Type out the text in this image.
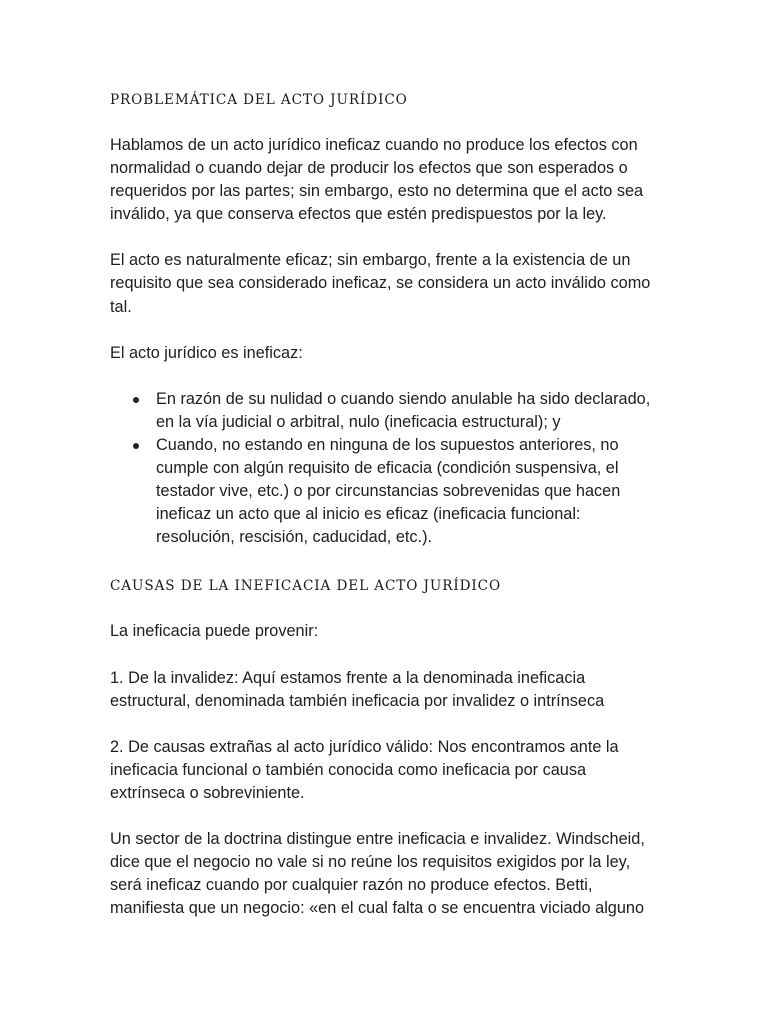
PROBLEMÁTICA DEL ACTO JURÍDICO

Hablamos de un acto jurídico ineficaz cuando no produce los efectos con normalidad o cuando dejar de producir los efectos que son esperados o requeridos por las partes; sin embargo, esto no determina que el acto sea inválido, ya que conserva efectos que estén predispuestos por la ley.

El acto es naturalmente eficaz; sin embargo, frente a la existencia de un requisito que sea considerado ineficaz, se considera un acto inválido como tal.

El acto jurídico es ineficaz:

En razón de su nulidad o cuando siendo anulable ha sido declarado, en la vía judicial o arbitral, nulo (ineficacia estructural); y
Cuando, no estando en ninguna de los supuestos anteriores, no cumple con algún requisito de eficacia (condición suspensiva, el testador vive, etc.) o por circunstancias sobrevenidas que hacen ineficaz un acto que al inicio es eficaz (ineficacia funcional: resolución, rescisión, caducidad, etc.).
CAUSAS DE LA INEFICACIA DEL ACTO JURÍDICO

La ineficacia puede provenir:

1. De la invalidez: Aquí estamos frente a la denominada ineficacia estructural, denominada también ineficacia por invalidez o intrínseca

2. De causas extrañas al acto jurídico válido: Nos encontramos ante la ineficacia funcional o también conocida como ineficacia por causa extrínseca o sobreviniente.

Un sector de la doctrina distingue entre ineficacia e invalidez. Windscheid, dice que el negocio no vale si no reúne los requisitos exigidos por la ley, será ineficaz cuando por cualquier razón no produce efectos. Betti, manifiesta que un negocio: «en el cual falta o se encuentra viciado alguno
